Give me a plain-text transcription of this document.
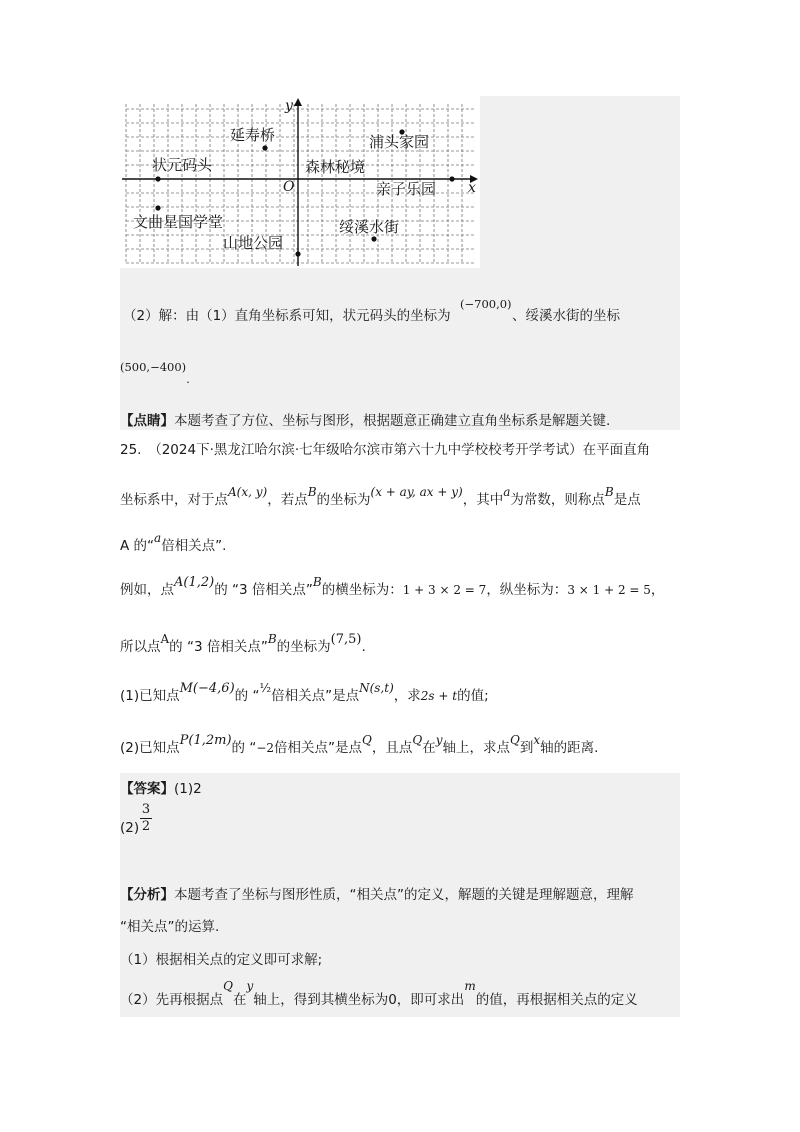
y
x
O
延寿桥	浦头家园
状元码头	森林秘境
亲子乐园
文曲星国学堂	绥溪水街
山地公园
（2）解：由（1）直角坐标系可知，状元码头的坐标为
(−700,0)
、绥溪水街的坐标
(500,−400).
【点睛】本题考查了方位、坐标与图形，根据题意正确建立直角坐标系是解题关键.
25.　（2024下·黑龙江哈尔滨·七年级哈尔滨市第六十九中学校校考开学考试）在平面直角
坐标系中，对于点A(x, y)，若点B的坐标为(x + ay, ax + y)，其中a为常数，则称点B是点
A 的“a倍相关点”.
例如，点A(1,2)的 “3 倍相关点”B的横坐标为：1 + 3 × 2 = 7，纵坐标为：3 × 1 + 2 = 5，
所以点A的 “3 倍相关点”B的坐标为(7,5).
(1)已知点M(−4,6)的 “½倍相关点”是点N(s,t)，求2s + t的值;
(2)已知点P(1,2m)的 “−2倍相关点”是点Q，且点Q在y轴上，求点Q到x轴的距离.
【答案】(1)2
(2)
3
2
【分析】本题考查了坐标与图形性质，“相关点”的定义，解题的关键是理解题意，理解
“相关点”的运算.
（1）根据相关点的定义即可求解;
（2）先再根据点Q在y轴上，得到其横坐标为0，即可求出m的值，再根据相关点的定义
